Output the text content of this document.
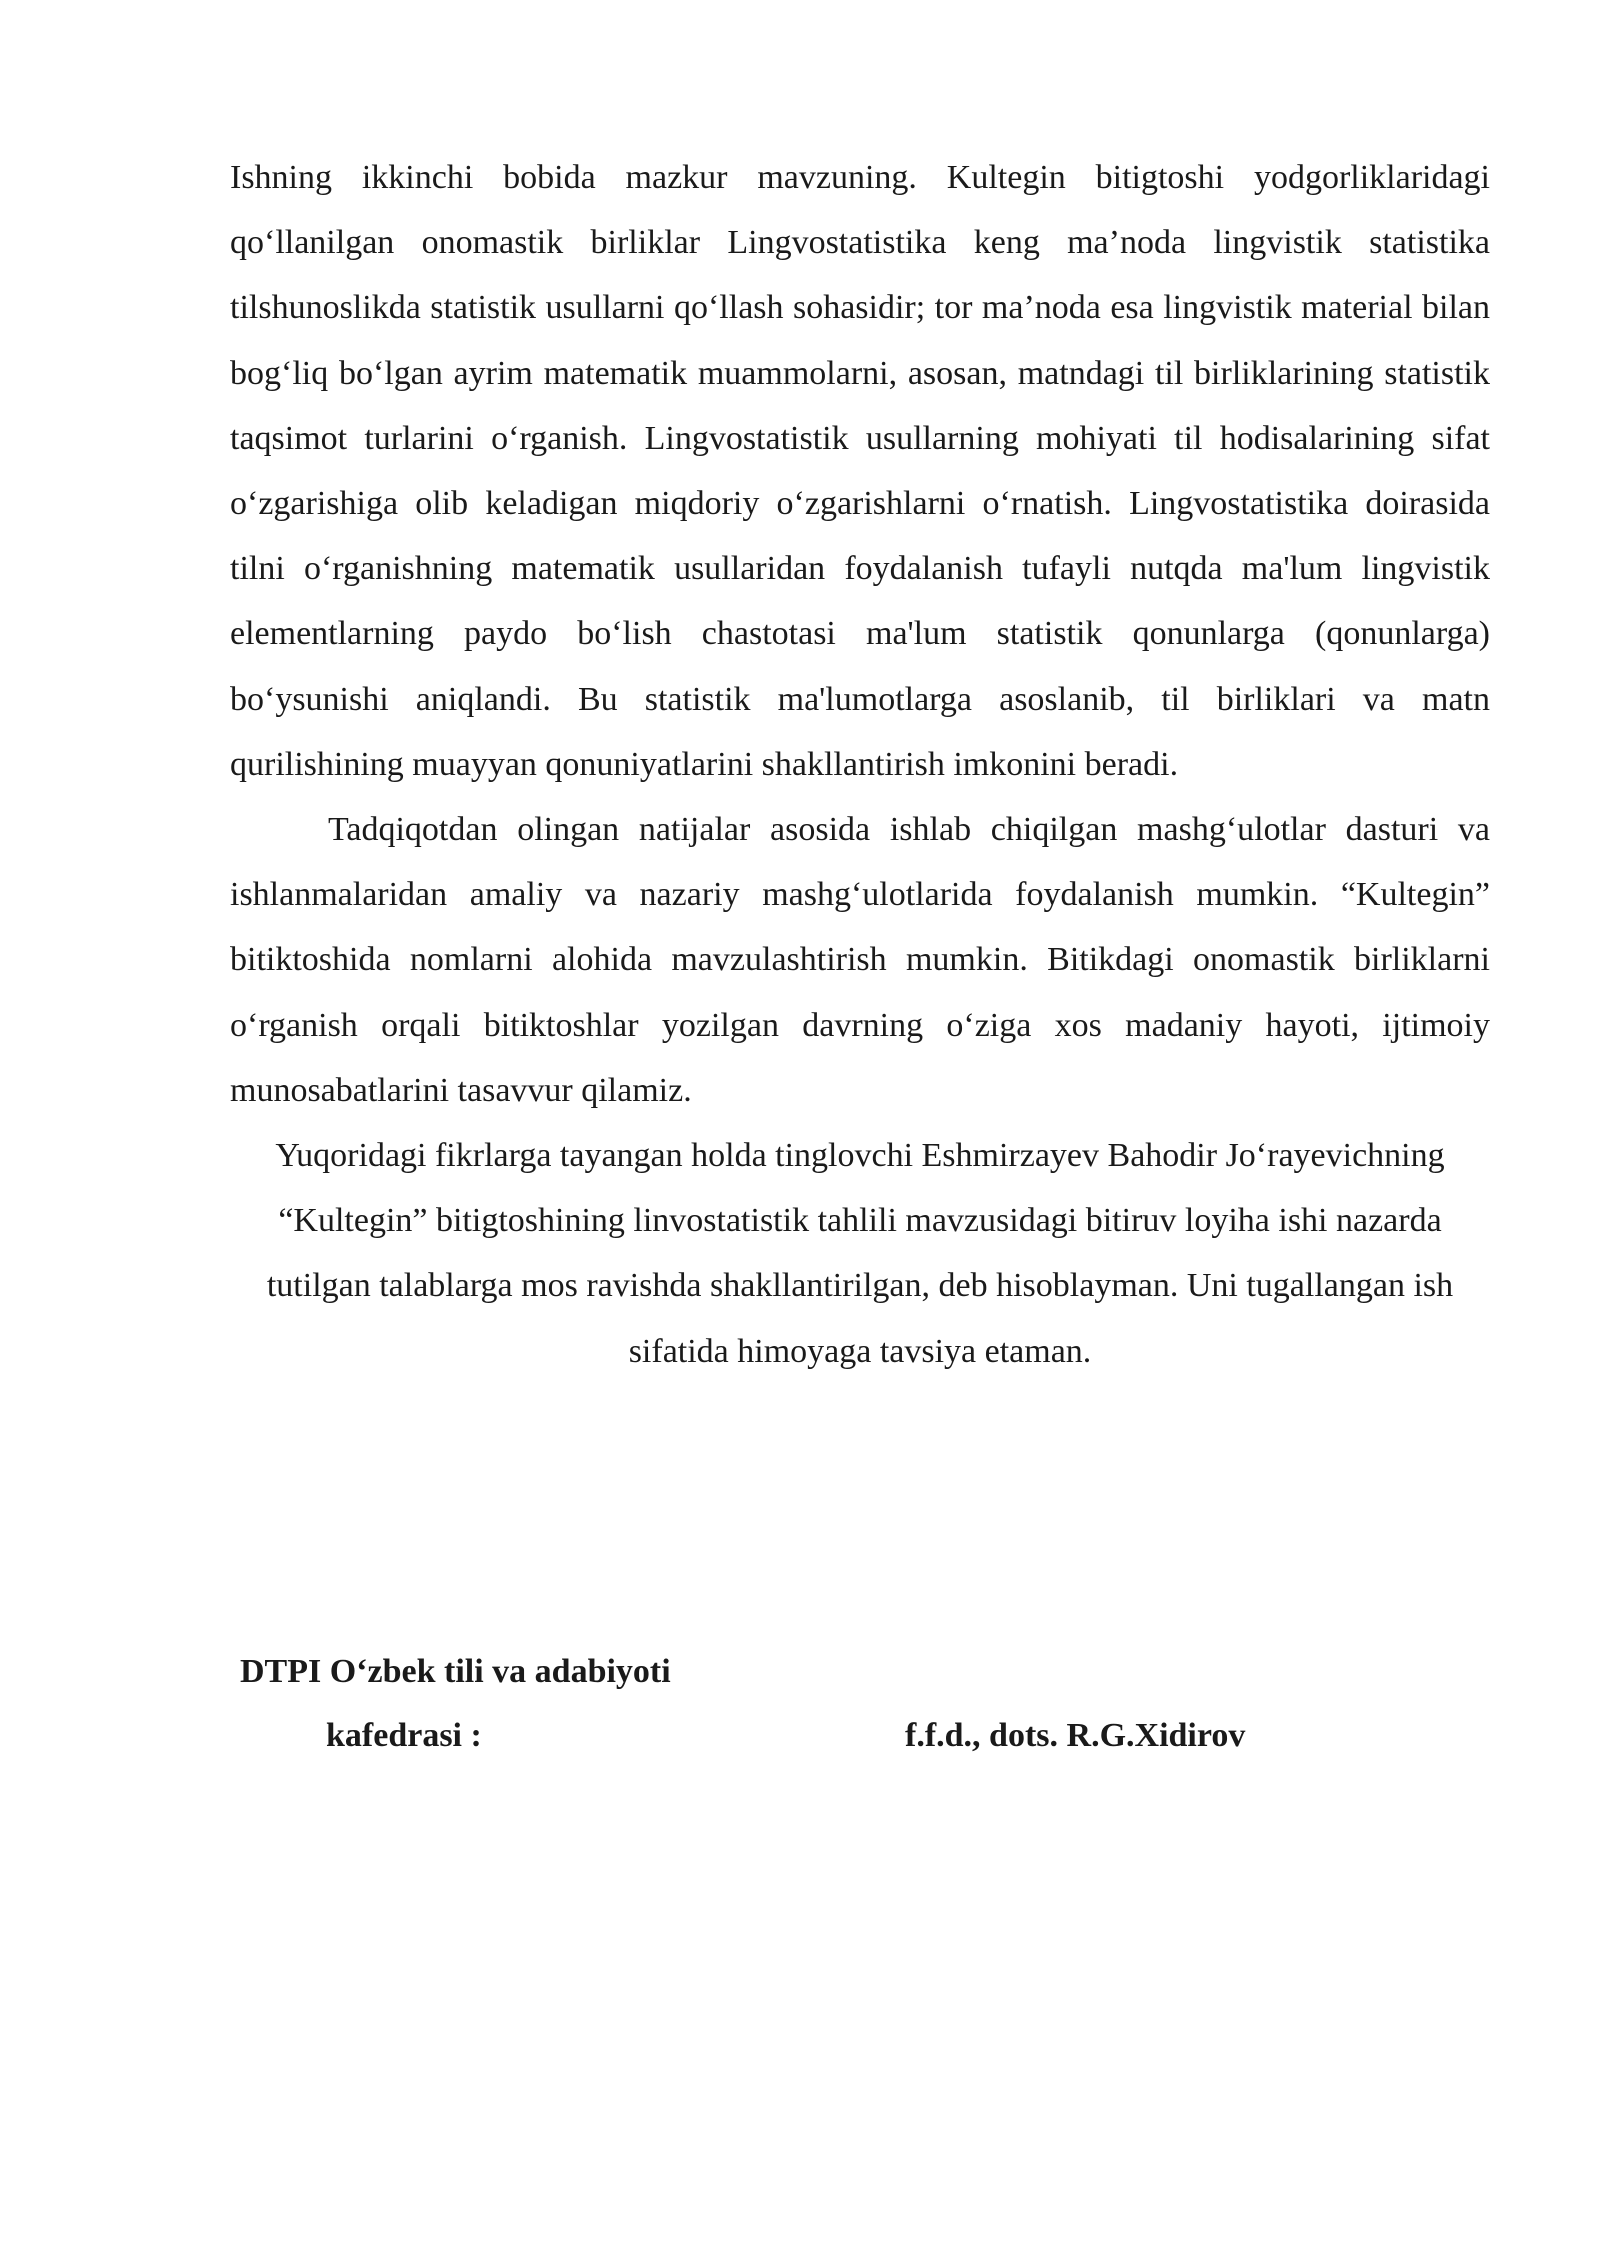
Ishning ikkinchi bobida mazkur mavzuning. Kultegin bitigtoshi yodgorliklaridagi qo‘llanilgan onomastik birliklar Lingvostatistika keng ma’noda lingvistik statistika tilshunoslikda statistik usullarni qo‘llash sohasidir; tor ma’noda esa lingvistik material bilan bog‘liq bo‘lgan ayrim matematik muammolarni, asosan, matndagi til birliklarining statistik taqsimot turlarini o‘rganish. Lingvostatistik usullarning mohiyati til hodisalarining sifat o‘zgarishiga olib keladigan miqdoriy o‘zgarishlarni o‘rnatish. Lingvostatistika doirasida tilni o‘rganishning matematik usullaridan foydalanish tufayli nutqda ma'lum lingvistik elementlarning paydo bo‘lish chastotasi ma'lum statistik qonunlarga (qonunlarga) bo‘ysunishi aniqlandi. Bu statistik ma'lumotlarga asoslanib, til birliklari va matn qurilishining muayyan qonuniyatlarini shakllantirish imkonini beradi.

Tadqiqotdan olingan natijalar asosida ishlab chiqilgan mashg‘ulotlar dasturi va ishlanmalaridan amaliy va nazariy mashg‘ulotlarida foydalanish mumkin. “Kultegin” bitiktoshida nomlarni alohida mavzulashtirish mumkin. Bitikdagi onomastik birliklarni o‘rganish orqali bitiktoshlar yozilgan davrning o‘ziga xos madaniy hayoti, ijtimoiy munosabatlarini tasavvur qilamiz.

Yuqoridagi fikrlarga tayangan holda tinglovchi Eshmirzayev Bahodir Jo‘rayevichning “Kultegin” bitigtoshining linvostatistik tahlili mavzusidagi bitiruv loyiha ishi nazarda tutilgan talablarga mos ravishda shakllantirilgan, deb hisoblayman. Uni tugallangan ish sifatida himoyaga tavsiya etaman.

DTPI O‘zbek tili va adabiyoti
kafedrasi :	f.f.d., dots. R.G.Xidirov
